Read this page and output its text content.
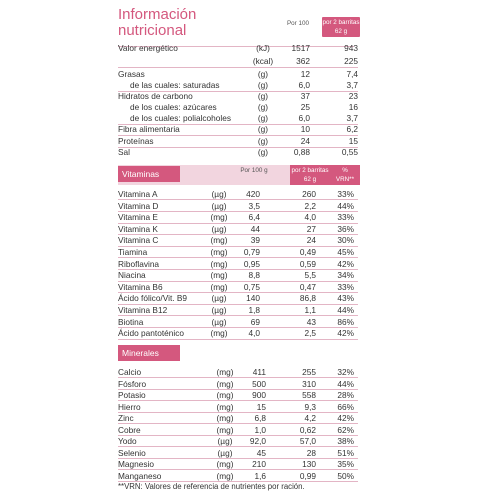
Información
nutricional	Por 100	por 2 barritas
62 g
Valor energético	(kJ)	1517	943
(kcal)	362	225
Grasas	(g)	12	7,4
de las cuales: saturadas	(g)	6,0	3,7
Hidratos de carbono	(g)	37	23
de los cuales: azúcares	(g)	25	16
de los cuales: polialcoholes	(g)	6,0	3,7
Fibra alimentaria	(g)	10	6,2
Proteínas	(g)	24	15
Sal	(g)	0,88	0,55
Vitaminas	Por 100 g	por 2 barritas
62 g
%
VRN**
Vitamina A	(µg)	420	260	33%
Vitamina D	(µg)	3,5	2,2	44%
Vitamina E	(mg)	6,4	4,0	33%
Vitamina K	(µg)	44	27	36%
Vitamina C	(mg)	39	24	30%
Tiamina	(mg)	0,79	0,49	45%
Riboflavina	(mg)	0,95	0,59	42%
Niacina	(mg)	8,8	5,5	34%
Vitamina B6	(mg)	0,75	0,47	33%
Ácido fólico/Vit. B9	(µg)	140	86,8	43%
Vitamina B12	(µg)	1,8	1,1	44%
Biotina	(µg)	69	43	86%
Ácido pantoténico	(mg)	4,0	2,5	42%
Minerales
Calcio	(mg)	411	255	32%
Fósforo	(mg)	500	310	44%
Potasio	(mg)	900	558	28%
Hierro	(mg)	15	9,3	66%
Zinc	(mg)	6,8	4,2	42%
Cobre	(mg)	1,0	0,62	62%
Yodo	(µg)	92,0	57,0	38%
Selenio	(µg)	45	28	51%
Magnesio	(mg)	210	130	35%
Manganeso	(mg)	1,6	0,99	50%
**VRN: Valores de referencia de nutrientes por ración.
